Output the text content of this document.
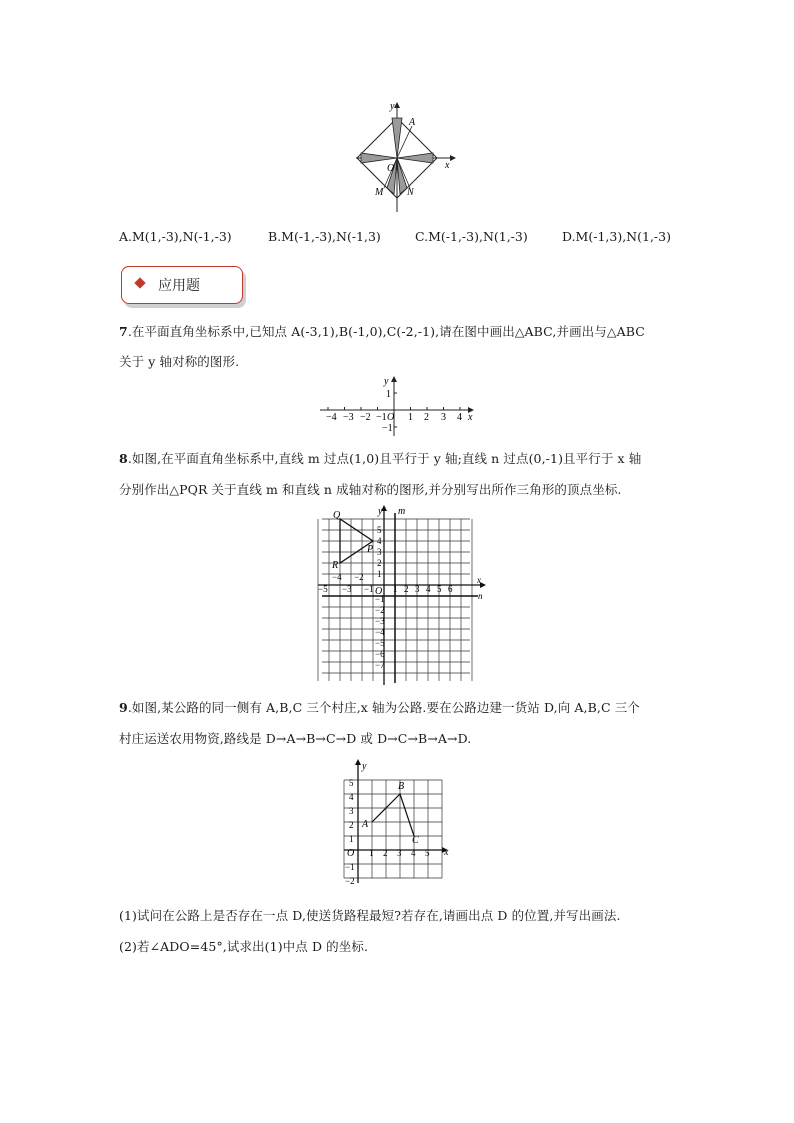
y
x
A
O
M N
A.M(1,-3),N(-1,-3)	B.M(-1,-3),N(-1,3)	C.M(-1,-3),N(1,-3)	D.M(-1,3),N(1,-3)
应用题
7.在平面直角坐标系中,已知点 A(-3,1),B(-1,0),C(-2,-1),请在图中画出△ABC,并画出与△ABC
关于 y 轴对称的图形.
y
x
−4 −3 −2 −1 O 1 2 3 4
1
−1
8.如图,在平面直角坐标系中,直线 m 过点(1,0)且平行于 y 轴;直线 n 过点(0,-1)且平行于 x 轴
分别作出△PQR 关于直线 m 和直线 n 成轴对称的图形,并分别写出所作三角形的顶点坐标.
y m
x
n
O
Q
R
P
−5
−4
−3
−2
−1 1 2 3 4 5 6
5
4
3
2
1
−1
−2
−3
−4
−5
−6
−7
9.如图,某公路的同一侧有 A,B,C 三个村庄,x 轴为公路.要在公路边建一货站 D,向 A,B,C 三个
村庄运送农用物资,路线是 D→A→B→C→D 或 D→C→B→A→D.
y
x
O
A
B
C
1 2 3 4 5
5
4
3
2
1
−1
−2
(1)试问在公路上是否存在一点 D,使送货路程最短?若存在,请画出点 D 的位置,并写出画法.
(2)若∠ADO=45°,试求出(1)中点 D 的坐标.
